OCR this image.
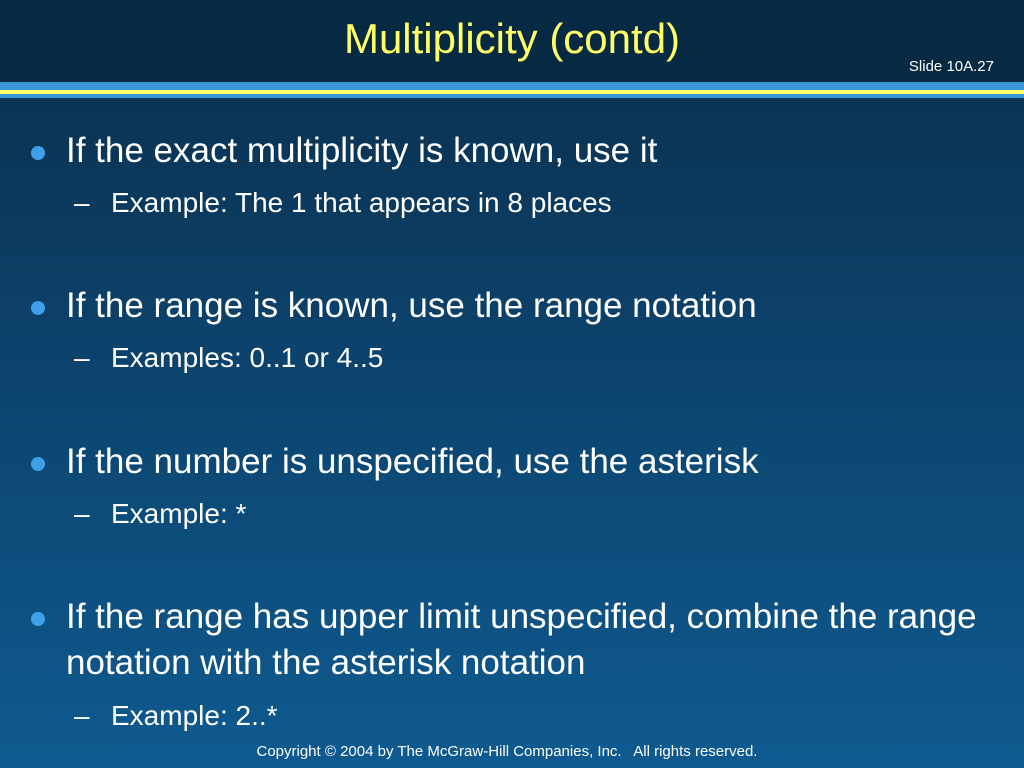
Multiplicity (contd)
Slide 10A.27
If the exact multiplicity is known, use it
– Example: The 1 that appears in 8 places
If the range is known, use the range notation
– Examples: 0..1 or 4..5
If the number is unspecified, use the asterisk
– Example: *
If the range has upper limit unspecified, combine the range notation with the asterisk notation
– Example: 2..*
Copyright © 2004 by The McGraw-Hill Companies, Inc.   All rights reserved.
